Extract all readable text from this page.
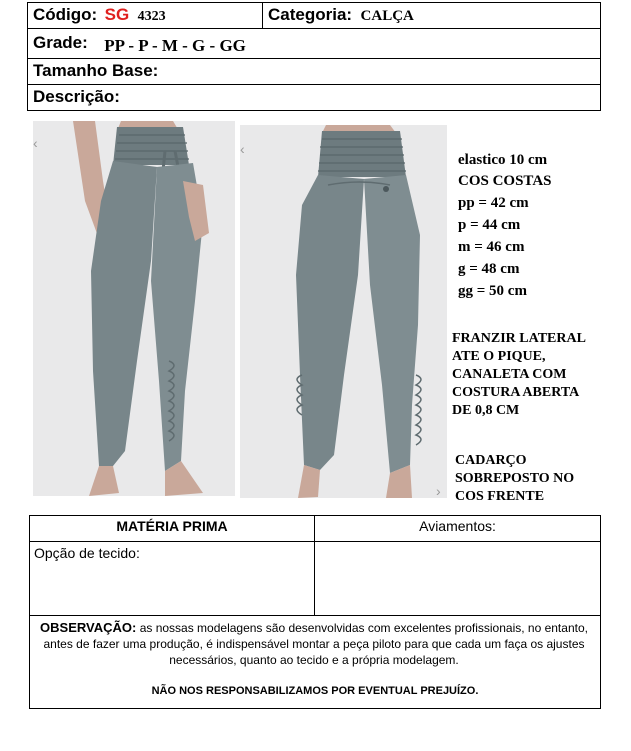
Código: SG 4323	Categoria: CALÇA
Grade: PP - P - M - G - GG
Tamanho Base:
Descrição:
‹	‹
›
elastico 10 cm
COS COSTAS
pp = 42 cm
p = 44 cm
m = 46 cm
g = 48 cm
gg = 50 cm
FRANZIR LATERAL
ATE O PIQUE,
CANALETA COM
COSTURA ABERTA
DE 0,8 CM
CADARÇO
SOBREPOSTO NO
COS FRENTE
MATÉRIA PRIMA	Aviamentos:
Opção de tecido:
OBSERVAÇÃO: as nossas modelagens são desenvolvidas com excelentes profissionais, no entanto, antes de fazer uma produção, é indispensável montar a peça piloto para que cada um faça os ajustes necessários, quanto ao tecido e a própria modelagem.
NÃO NOS RESPONSABILIZAMOS POR EVENTUAL PREJUÍZO.
